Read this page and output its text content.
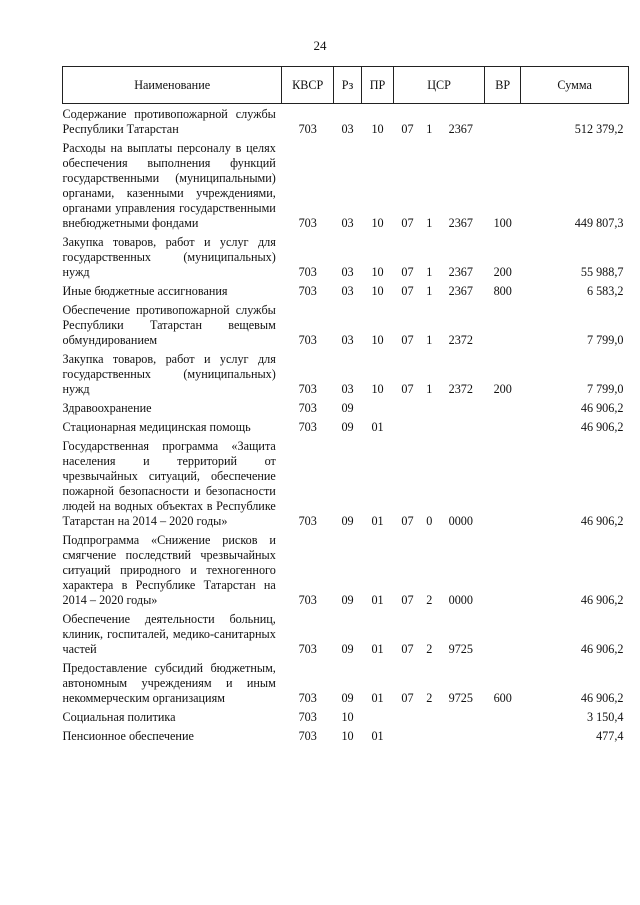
24
Наименование	КВСР	Рз	ПР	ЦСР			ВР	Сумма
Содержание противопожарной службы Республики Татарстан	703	03	10	07	1	2367		512 379,2
Расходы на выплаты персоналу в целях обеспечения выполнения функций государственными (муниципальными) органами, казенными учреждениями, органами управления государственными внебюджетными фондами	703	03	10	07	1	2367	100	449 807,3
Закупка товаров, работ и услуг для государственных (муниципальных) нужд	703	03	10	07	1	2367	200	55 988,7
Иные бюджетные ассигнования	703	03	10	07	1	2367	800	6 583,2
Обеспечение противопожарной службы Республики Татарстан вещевым обмундированием	703	03	10	07	1	2372		7 799,0
Закупка товаров, работ и услуг для государственных (муниципальных) нужд	703	03	10	07	1	2372	200	7 799,0
Здравоохранение	703	09						46 906,2
Стационарная медицинская помощь	703	09	01					46 906,2
Государственная программа «Защита населения и территорий от чрезвычайных ситуаций, обеспечение пожарной безопасности и безопасности людей на водных объектах в Республике Татарстан на 2014 – 2020 годы»	703	09	01	07	0	0000		46 906,2
Подпрограмма «Снижение рисков и смягчение последствий чрезвычайных ситуаций природного и техногенного характера в Республике Татарстан на 2014 – 2020 годы»	703	09	01	07	2	0000		46 906,2
Обеспечение деятельности больниц, клиник, госпиталей, медико-санитарных частей	703	09	01	07	2	9725		46 906,2
Предоставление субсидий бюджетным, автономным учреждениям и иным некоммерческим организациям	703	09	01	07	2	9725	600	46 906,2
Социальная политика	703	10						3 150,4
Пенсионное обеспечение	703	10	01					477,4
